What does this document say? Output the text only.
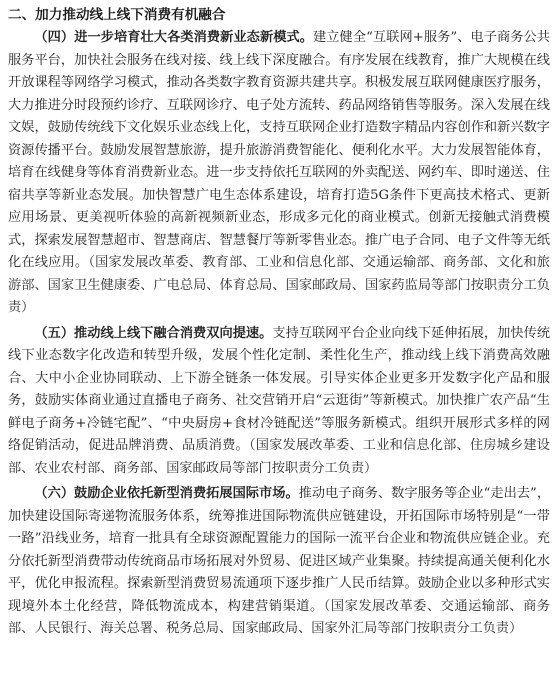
二、加力推动线上线下消费有机融合

（四）进一步培育壮大各类消费新业态新模式。建立健全“互联网+服务”、电子商务公共服务平台，加快社会服务在线对接、线上线下深度融合。有序发展在线教育，推广大规模在线开放课程等网络学习模式，推动各类数字教育资源共建共享。积极发展互联网健康医疗服务，大力推进分时段预约诊疗、互联网诊疗、电子处方流转、药品网络销售等服务。深入发展在线文娱，鼓励传统线下文化娱乐业态线上化，支持互联网企业打造数字精品内容创作和新兴数字资源传播平台。鼓励发展智慧旅游，提升旅游消费智能化、便利化水平。大力发展智能体育，培育在线健身等体育消费新业态。进一步支持依托互联网的外卖配送、网约车、即时递送、住宿共享等新业态发展。加快智慧广电生态体系建设，培育打造5G条件下更高技术格式、更新应用场景、更美视听体验的高新视频新业态，形成多元化的商业模式。创新无接触式消费模式，探索发展智慧超市、智慧商店、智慧餐厅等新零售业态。推广电子合同、电子文件等无纸化在线应用。（国家发展改革委、教育部、工业和信息化部、交通运输部、商务部、文化和旅游部、国家卫生健康委、广电总局、体育总局、国家邮政局、国家药监局等部门按职责分工负责）

（五）推动线上线下融合消费双向提速。支持互联网平台企业向线下延伸拓展，加快传统线下业态数字化改造和转型升级，发展个性化定制、柔性化生产，推动线上线下消费高效融合、大中小企业协同联动、上下游全链条一体发展。引导实体企业更多开发数字化产品和服务，鼓励实体商业通过直播电子商务、社交营销开启“云逛街”等新模式。加快推广农产品“生鲜电子商务+冷链宅配”、“中央厨房+食材冷链配送”等服务新模式。组织开展形式多样的网络促销活动，促进品牌消费、品质消费。（国家发展改革委、工业和信息化部、住房城乡建设部、农业农村部、商务部、国家邮政局等部门按职责分工负责）

（六）鼓励企业依托新型消费拓展国际市场。推动电子商务、数字服务等企业“走出去”，加快建设国际寄递物流服务体系，统筹推进国际物流供应链建设，开拓国际市场特别是“一带一路”沿线业务，培育一批具有全球资源配置能力的国际一流平台企业和物流供应链企业。充分依托新型消费带动传统商品市场拓展对外贸易、促进区域产业集聚。持续提高通关便利化水平，优化申报流程。探索新型消费贸易流通项下逐步推广人民币结算。鼓励企业以多种形式实现境外本土化经营，降低物流成本，构建营销渠道。（国家发展改革委、交通运输部、商务部、人民银行、海关总署、税务总局、国家邮政局、国家外汇局等部门按职责分工负责）
